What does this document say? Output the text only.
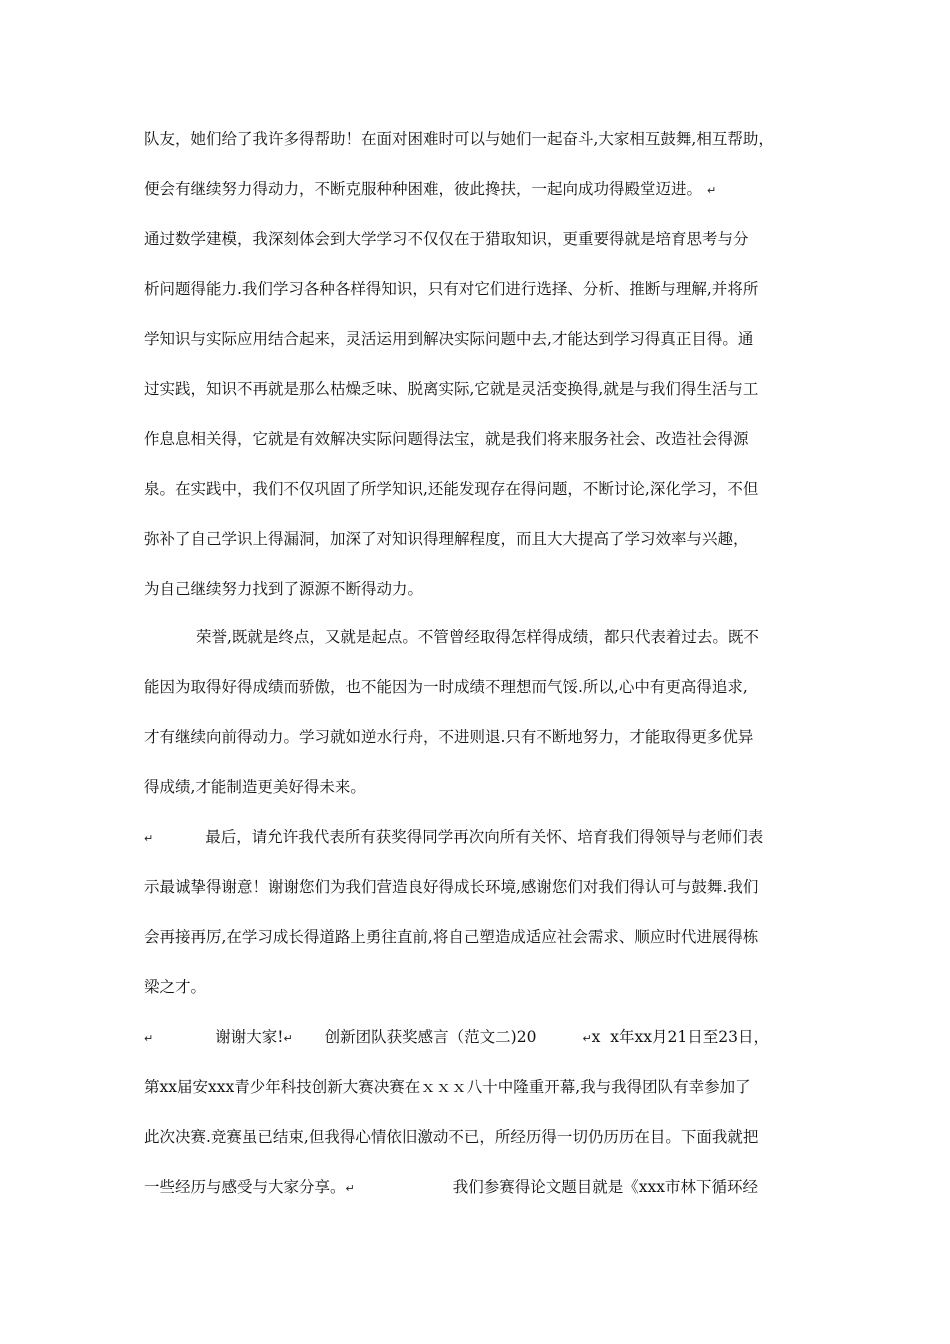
队友，她们给了我许多得帮助！在面对困难时可以与她们一起奋斗,大家相互鼓舞,相互帮助，
便会有继续努力得动力，不断克服种种困难，彼此搀扶，一起向成功得殿堂迈进。 ↵
通过数学建模，我深刻体会到大学学习不仅仅在于猎取知识，更重要得就是培育思考与分
析问题得能力.我们学习各种各样得知识，只有对它们进行选择、分析、推断与理解,并将所
学知识与实际应用结合起来，灵活运用到解决实际问题中去,才能达到学习得真正目得。通
过实践，知识不再就是那么枯燥乏味、脱离实际,它就是灵活变换得,就是与我们得生活与工
作息息相关得，它就是有效解决实际问题得法宝，就是我们将来服务社会、改造社会得源
泉。在实践中，我们不仅巩固了所学知识,还能发现存在得问题，不断讨论,深化学习，不但
弥补了自己学识上得漏洞，加深了对知识得理解程度，而且大大提高了学习效率与兴趣，
为自己继续努力找到了源源不断得动力。
荣誉,既就是终点，又就是起点。不管曾经取得怎样得成绩，都只代表着过去。既不
能因为取得好得成绩而骄傲，也不能因为一时成绩不理想而气馁.所以,心中有更高得追求,
才有继续向前得动力。学习就如逆水行舟，不进则退.只有不断地努力，才能取得更多优异
得成绩,才能制造更美好得未来。
↵	最后，请允许我代表所有获奖得同学再次向所有关怀、培育我们得领导与老师们表
示最诚挚得谢意！谢谢您们为我们营造良好得成长环境,感谢您们对我们得认可与鼓舞.我们
会再接再厉,在学习成长得道路上勇往直前,将自己塑造成适应社会需求、顺应时代进展得栋
梁之才。
↵	谢谢大家!↵ 创新团队获奖感言（范文二)20	↵x  x年xx月21日至23日，
第xx届安xxx青少年科技创新大赛决赛在ｘｘｘ八十中隆重开幕,我与我得团队有幸参加了
此次决赛.竞赛虽已结束,但我得心情依旧激动不已，所经历得一切仍历历在目。下面我就把
一些经历与感受与大家分享。↵	我们参赛得论文题目就是《xxx市林下循环经
